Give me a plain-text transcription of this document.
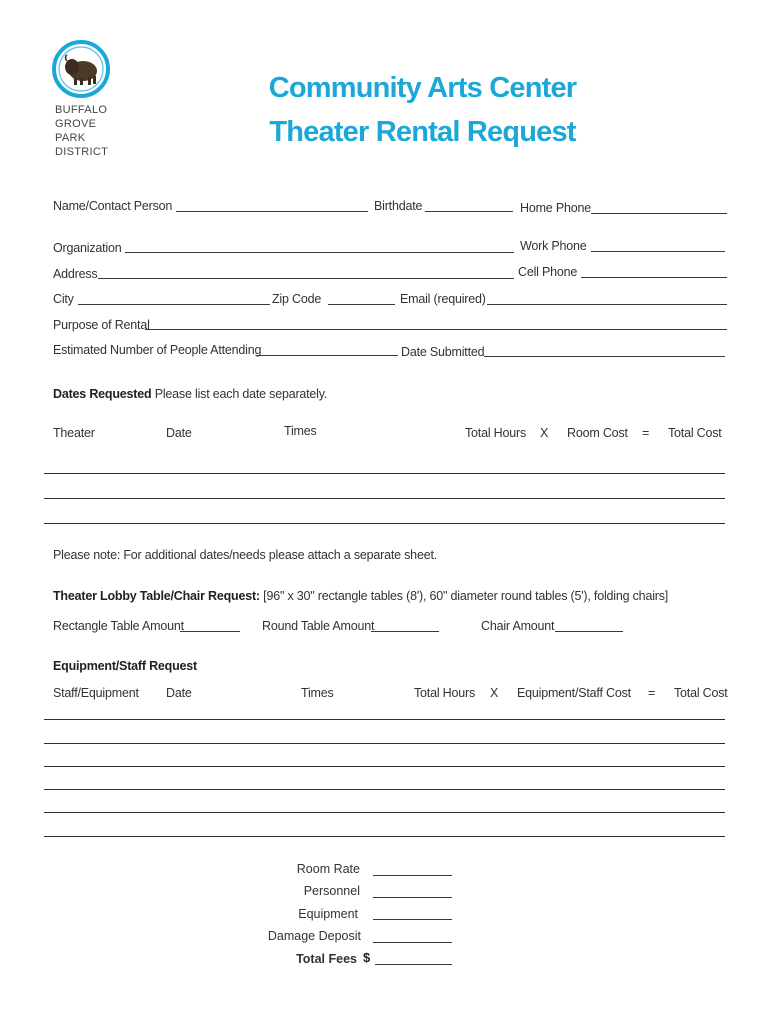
BUFFALO
GROVE
PARK
DISTRICT
Community Arts Center
Theater Rental Request
Name/Contact Person	Birthdate	Home Phone
Organization	Work Phone
Address	Cell Phone
City	Zip Code	Email (required)
Purpose of Rental
Estimated Number of People Attending	Date Submitted
Dates Requested Please list each date separately.
Theater	Date	Times	Total Hours X Room Cost = Total Cost
Please note: For additional dates/needs please attach a separate sheet.
Theater Lobby Table/Chair Request: [96" x 30" rectangle tables (8'), 60" diameter round tables (5'), folding chairs]
Rectangle Table Amount	Round Table Amount	Chair Amount
Equipment/Staff Request
Staff/Equipment Date	Times	Total Hours X Equipment/Staff Cost = Total Cost
Room Rate
Personnel
Equipment
Damage Deposit
Total Fees $
